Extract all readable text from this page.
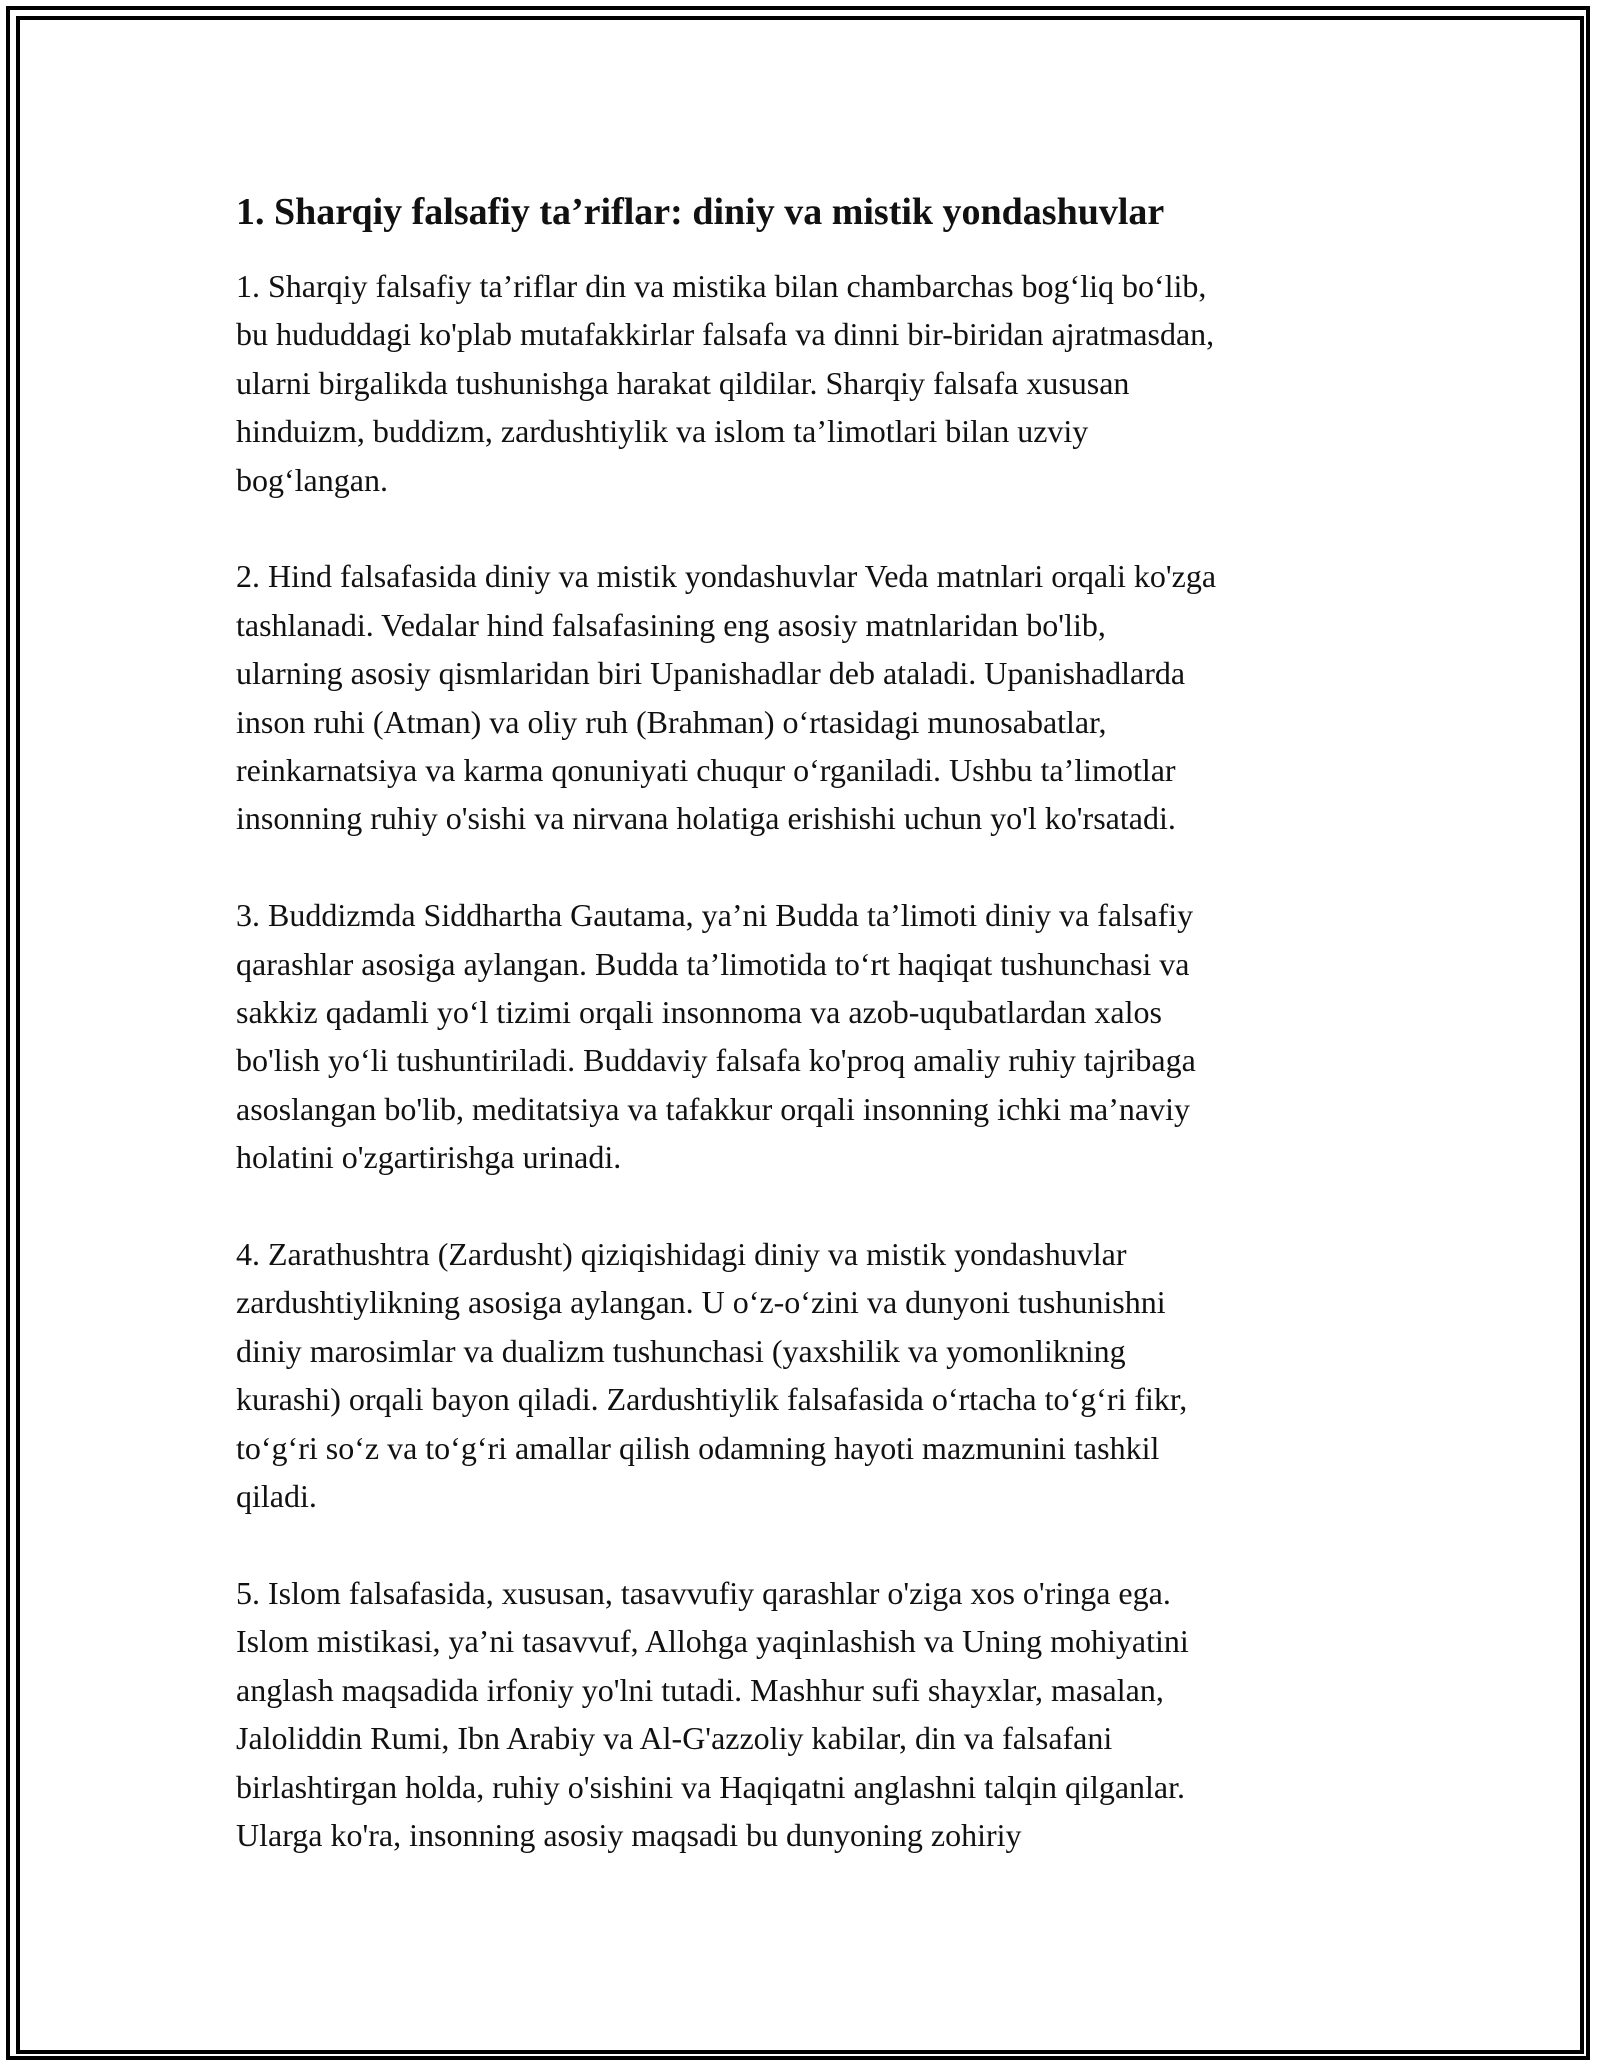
1. Sharqiy falsafiy ta’riflar: diniy va mistik yondashuvlar

1. Sharqiy falsafiy ta’riflar din va mistika bilan chambarchas bog‘liq bo‘lib,
bu hududdagi ko'plab mutafakkirlar falsafa va dinni bir-biridan ajratmasdan,
ularni birgalikda tushunishga harakat qildilar. Sharqiy falsafa xususan
hinduizm, buddizm, zardushtiylik va islom ta’limotlari bilan uzviy
bog‘langan.

2. Hind falsafasida diniy va mistik yondashuvlar Veda matnlari orqali ko'zga
tashlanadi. Vedalar hind falsafasining eng asosiy matnlaridan bo'lib,
ularning asosiy qismlaridan biri Upanishadlar deb ataladi. Upanishadlarda
inson ruhi (Atman) va oliy ruh (Brahman) o‘rtasidagi munosabatlar,
reinkarnatsiya va karma qonuniyati chuqur o‘rganiladi. Ushbu ta’limotlar
insonning ruhiy o'sishi va nirvana holatiga erishishi uchun yo'l ko'rsatadi.

3. Buddizmda Siddhartha Gautama, ya’ni Budda ta’limoti diniy va falsafiy
qarashlar asosiga aylangan. Budda ta’limotida to‘rt haqiqat tushunchasi va
sakkiz qadamli yo‘l tizimi orqali insonnoma va azob-uqubatlardan xalos
bo'lish yo‘li tushuntiriladi. Buddaviy falsafa ko'proq amaliy ruhiy tajribaga
asoslangan bo'lib, meditatsiya va tafakkur orqali insonning ichki ma’naviy
holatini o'zgartirishga urinadi.

4. Zarathushtra (Zardusht) qiziqishidagi diniy va mistik yondashuvlar
zardushtiylikning asosiga aylangan. U o‘z-o‘zini va dunyoni tushunishni
diniy marosimlar va dualizm tushunchasi (yaxshilik va yomonlikning
kurashi) orqali bayon qiladi. Zardushtiylik falsafasida o‘rtacha to‘g‘ri fikr,
to‘g‘ri so‘z va to‘g‘ri amallar qilish odamning hayoti mazmunini tashkil
qiladi.

5. Islom falsafasida, xususan, tasavvufiy qarashlar o'ziga xos o'ringa ega.
Islom mistikasi, ya’ni tasavvuf, Allohga yaqinlashish va Uning mohiyatini
anglash maqsadida irfoniy yo'lni tutadi. Mashhur sufi shayxlar, masalan,
Jaloliddin Rumi, Ibn Arabiy va Al-G'azzoliy kabilar, din va falsafani
birlashtirgan holda, ruhiy o'sishini va Haqiqatni anglashni talqin qilganlar.
Ularga ko'ra, insonning asosiy maqsadi bu dunyoning zohiriy
